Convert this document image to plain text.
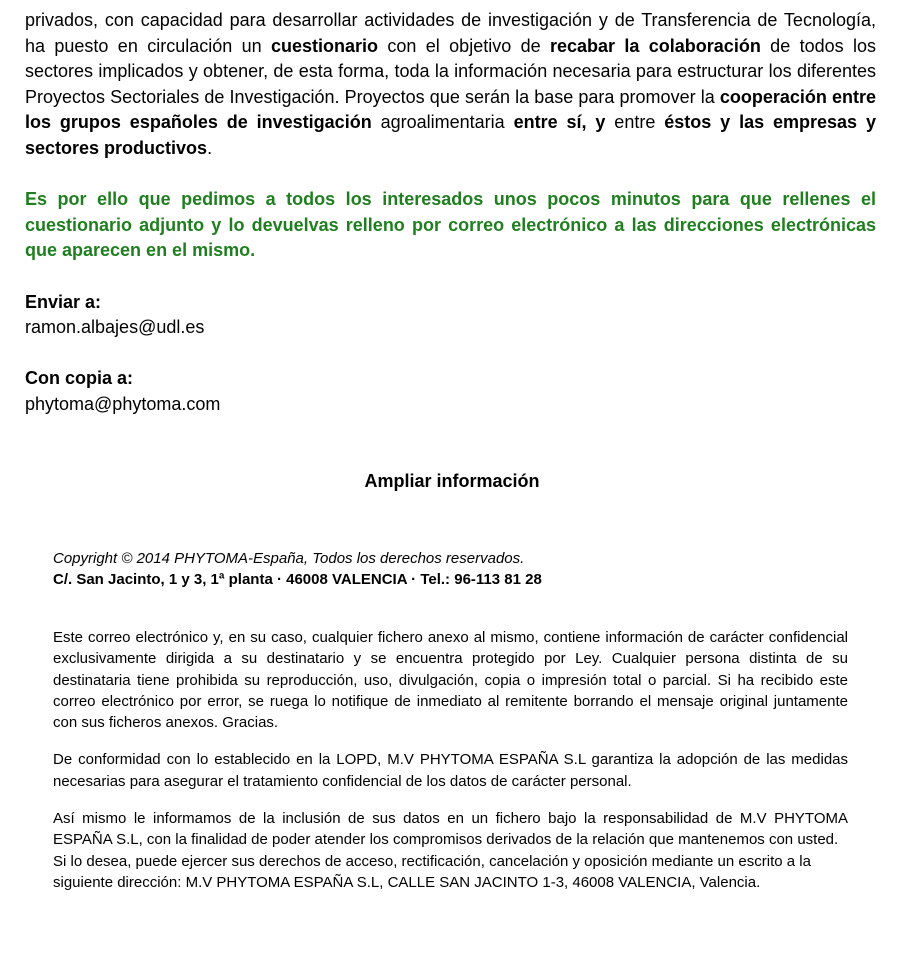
privados, con capacidad para desarrollar actividades de investigación y de Transferencia de Tecnología, ha puesto en circulación un cuestionario con el objetivo de recabar la colaboración de todos los sectores implicados y obtener, de esta forma, toda la información necesaria para estructurar los diferentes Proyectos Sectoriales de Investigación. Proyectos que serán la base para promover la cooperación entre los grupos españoles de investigación agroalimentaria entre sí, y entre éstos y las empresas y sectores productivos.

Es por ello que pedimos a todos los interesados unos pocos minutos para que rellenes el cuestionario adjunto y lo devuelvas relleno por correo electrónico a las direcciones electrónicas que aparecen en el mismo.

Enviar a:
ramon.albajes@udl.es
Con copia a:
phytoma@phytoma.com
Ampliar información
Copyright © 2014 PHYTOMA-España, Todos los derechos reservados.
C/. San Jacinto, 1 y 3, 1ª planta · 46008 VALENCIA · Tel.: 96-113 81 28

Este correo electrónico y, en su caso, cualquier fichero anexo al mismo, contiene información de carácter confidencial exclusivamente dirigida a su destinatario y se encuentra protegido por Ley. Cualquier persona distinta de su destinataria tiene prohibida su reproducción, uso, divulgación, copia o impresión total o parcial. Si ha recibido este correo electrónico por error, se ruega lo notifique de inmediato al remitente borrando el mensaje original juntamente con sus ficheros anexos. Gracias.

De conformidad con lo establecido en la LOPD, M.V PHYTOMA ESPAÑA S.L garantiza la adopción de las medidas necesarias para asegurar el tratamiento confidencial de los datos de carácter personal.

Así mismo le informamos de la inclusión de sus datos en un fichero bajo la responsabilidad de M.V PHYTOMA ESPAÑA S.L, con la finalidad de poder atender los compromisos derivados de la relación que mantenemos con usted.

Si lo desea, puede ejercer sus derechos de acceso, rectificación, cancelación y oposición mediante un escrito a la siguiente dirección: M.V PHYTOMA ESPAÑA S.L, CALLE SAN JACINTO 1-3, 46008 VALENCIA, Valencia.
